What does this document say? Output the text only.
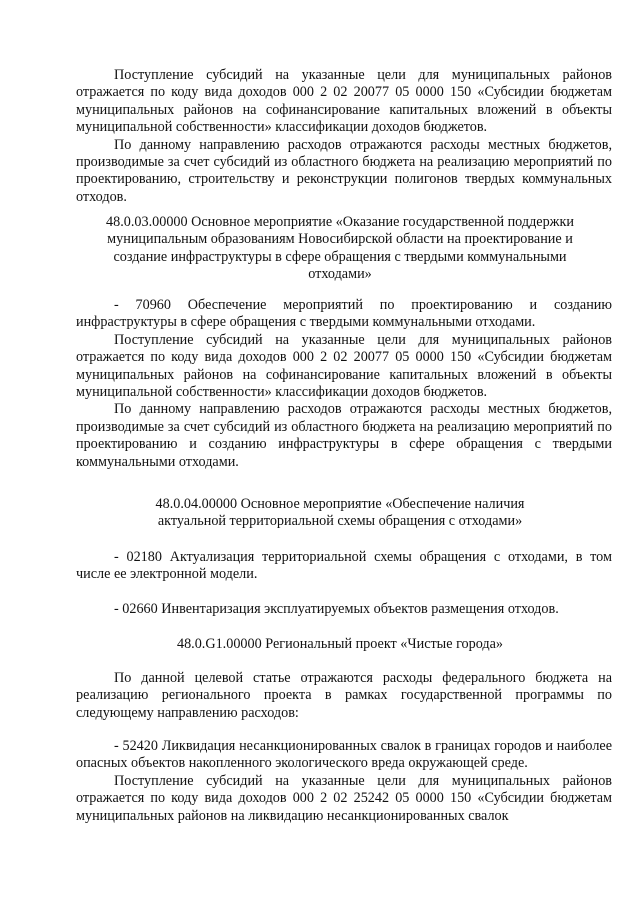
Поступление субсидий на указанные цели для муниципальных районов отражается по коду вида доходов 000 2 02 20077 05 0000 150 «Субсидии бюджетам муниципальных районов на софинансирование капитальных вложений в объекты муниципальной собственности» классификации доходов бюджетов.

По данному направлению расходов отражаются расходы местных бюджетов, производимые за счет субсидий из областного бюджета на реализацию мероприятий по проектированию, строительству и реконструкции полигонов твердых коммунальных отходов.

48.0.03.00000 Основное мероприятие «Оказание государственной поддержки муниципальным образованиям Новосибирской области на проектирование и создание инфраструктуры в сфере обращения с твердыми коммунальными отходами»

- 70960 Обеспечение мероприятий по проектированию и созданию инфраструктуры в сфере обращения с твердыми коммунальными отходами.

Поступление субсидий на указанные цели для муниципальных районов отражается по коду вида доходов 000 2 02 20077 05 0000 150 «Субсидии бюджетам муниципальных районов на софинансирование капитальных вложений в объекты муниципальной собственности» классификации доходов бюджетов.

По данному направлению расходов отражаются расходы местных бюджетов, производимые за счет субсидий из областного бюджета на реализацию мероприятий по проектированию и созданию инфраструктуры в сфере обращения с твердыми коммунальными отходами.

48.0.04.00000 Основное мероприятие «Обеспечение наличия актуальной территориальной схемы обращения с отходами»

- 02180 Актуализация территориальной схемы обращения с отходами, в том числе ее электронной модели.

- 02660 Инвентаризация эксплуатируемых объектов размещения отходов.

48.0.G1.00000 Региональный проект «Чистые города»

По данной целевой статье отражаются расходы федерального бюджета на реализацию регионального проекта в рамках государственной программы по следующему направлению расходов:

- 52420 Ликвидация несанкционированных свалок в границах городов и наиболее опасных объектов накопленного экологического вреда окружающей среде.

Поступление субсидий на указанные цели для муниципальных районов отражается по коду вида доходов 000 2 02 25242 05 0000 150 «Субсидии бюджетам муниципальных районов на ликвидацию несанкционированных свалок
